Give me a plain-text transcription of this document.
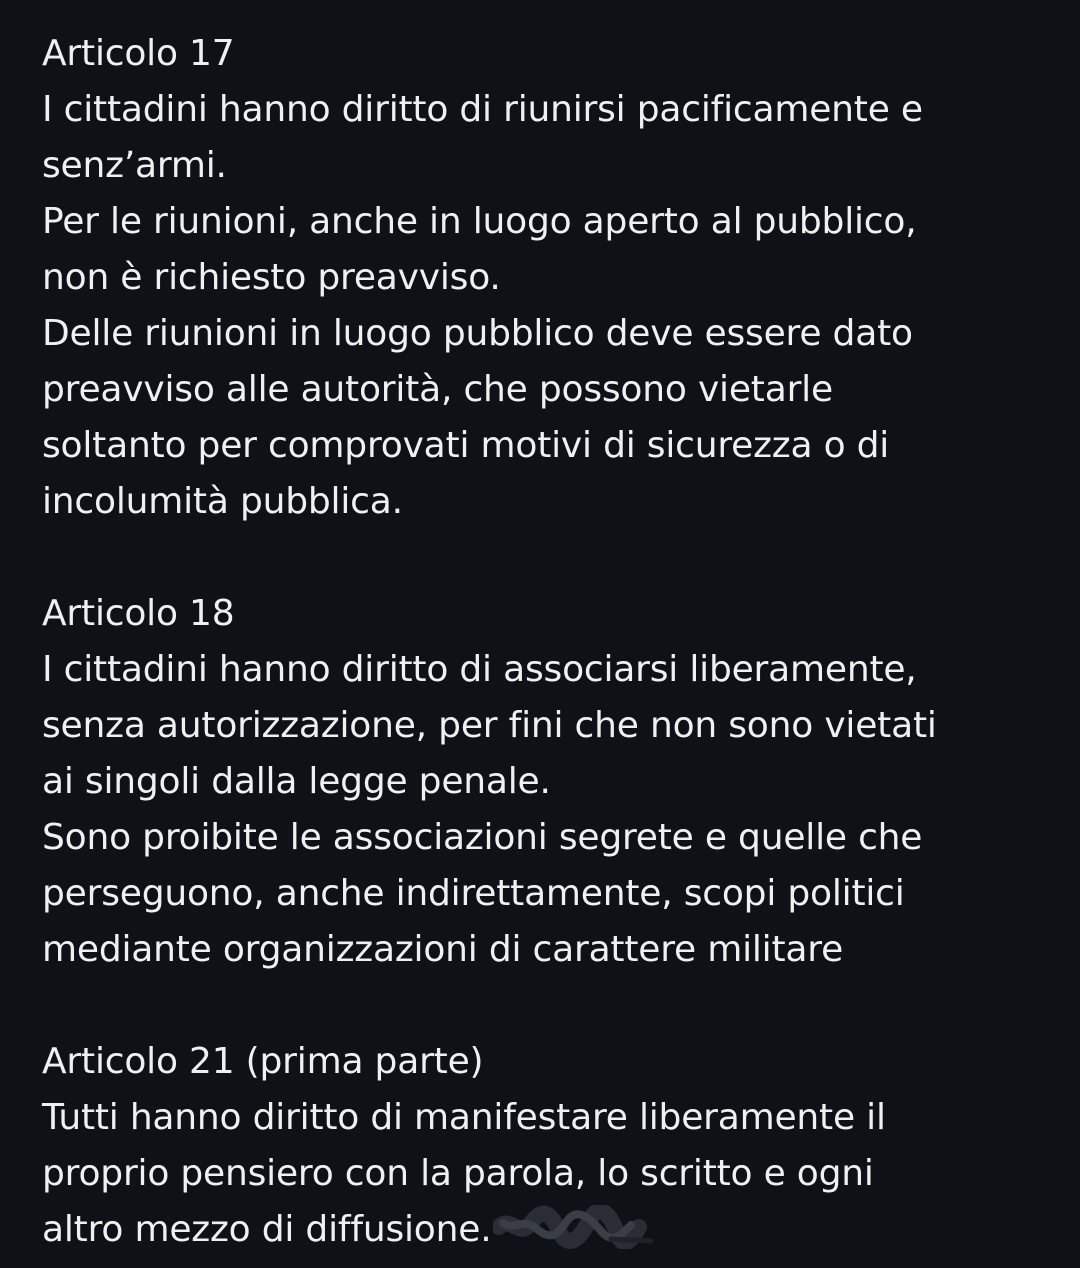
Articolo 17
I cittadini hanno diritto di riunirsi pacificamente e
senz’armi.
Per le riunioni, anche in luogo aperto al pubblico,
non è richiesto preavviso.
Delle riunioni in luogo pubblico deve essere dato
preavviso alle autorità, che possono vietarle
soltanto per comprovati motivi di sicurezza o di
incolumità pubblica.
Articolo 18
I cittadini hanno diritto di associarsi liberamente,
senza autorizzazione, per fini che non sono vietati
ai singoli dalla legge penale.
Sono proibite le associazioni segrete e quelle che
perseguono, anche indirettamente, scopi politici
mediante organizzazioni di carattere militare
Articolo 21 (prima parte)
Tutti hanno diritto di manifestare liberamente il
proprio pensiero con la parola, lo scritto e ogni
altro mezzo di diffusione.
